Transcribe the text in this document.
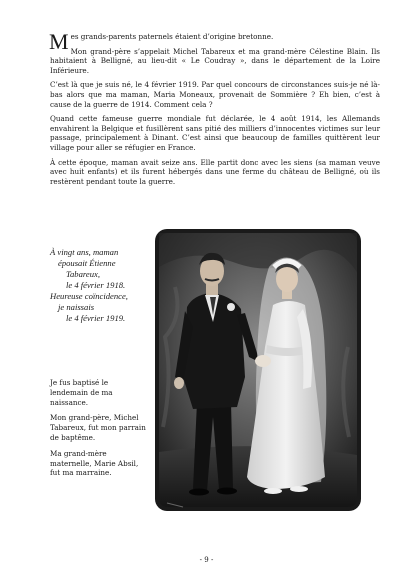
Mes grands-parents paternels étaient d’origine bretonne.

Mon grand-père s’appelait Michel Tabareux et ma grand-mère Célestine Blain. Ils habitaient à Belligné, au lieu-dit « Le Coudray », dans le département de la Loire Inférieure.

C’est là que je suis né, le 4 février 1919. Par quel concours de circonstances suis-je né là-bas alors que ma maman, Maria Moneaux, provenait de Sommière ? Eh bien, c’est à cause de la guerre de 1914. Comment cela ?

Quand cette fameuse guerre mondiale fut déclarée, le 4 août 1914, les Allemands envahirent la Belgique et fusillèrent sans pitié des milliers d’innocentes victimes sur leur passage, principalement à Dinant. C’est ainsi que beaucoup de familles quittèrent leur village pour aller se réfugier en France.

À cette époque, maman avait seize ans. Elle partit donc avec les siens (sa maman veuve avec huit enfants) et ils furent hébergés dans une ferme du château de Belligné, où ils restèrent pendant toute la guerre.

À vingt ans, maman
épousait Étienne
Tabareux,
le 4 février 1918.
Heureuse coïncidence,
je naissais
le 4 février 1919.

Je fus baptisé le lendemain de ma naissance.

Mon grand-père, Michel Tabareux, fut mon parrain de baptême.

Ma grand-mère maternelle, Marie Absil, fut ma marraine.

- 9 -
